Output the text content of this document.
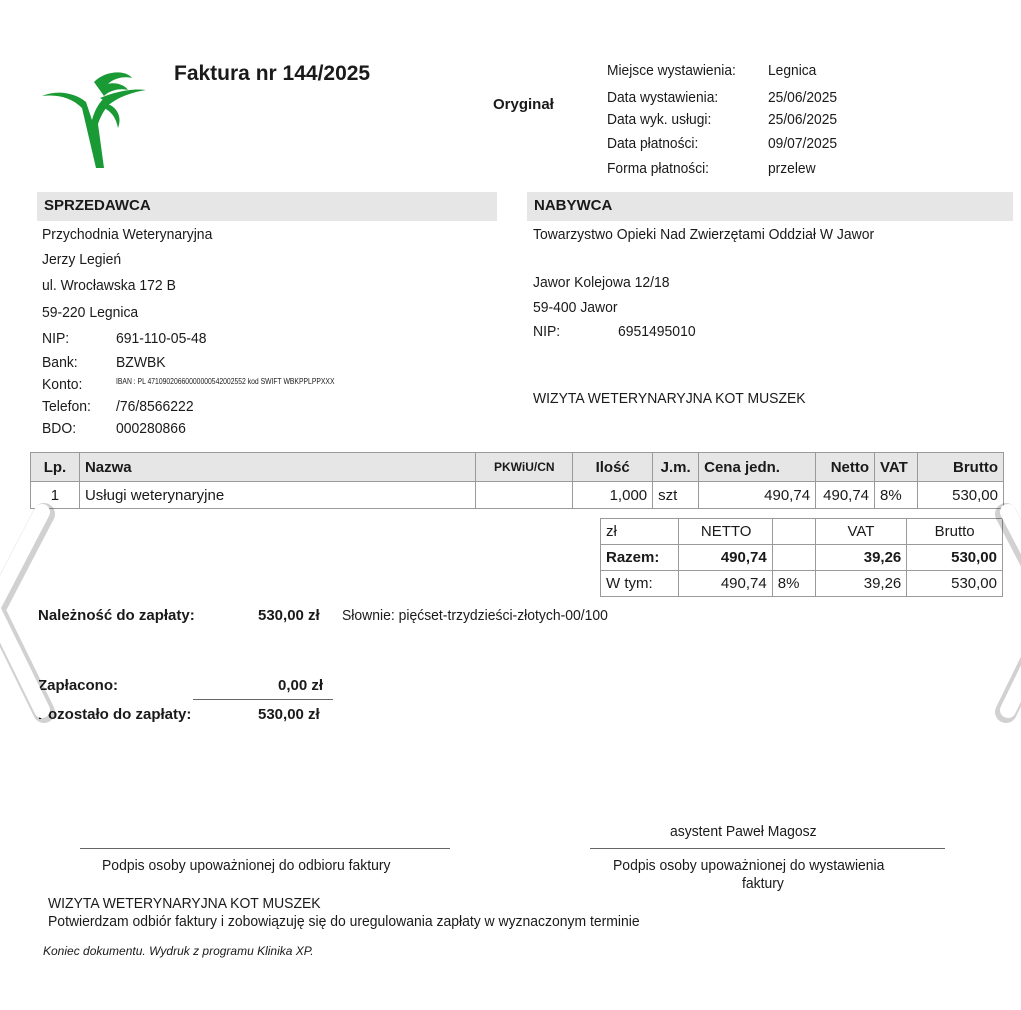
Faktura nr 144/2025
Oryginał
Miejsce wystawienia: Legnica
Data wystawienia:	25/06/2025
Data wyk. usługi:	25/06/2025
Data płatności:	09/07/2025
Forma płatności:	przelew
SPRZEDAWCA	NABYWCA
Przychodnia Weterynaryjna
Jerzy Legień
ul. Wrocławska 172 B
59-220 Legnica
NIP:	691-110-05-48
Bank:	BZWBK
Konto:	IBAN : PL 47109020660000000542002552 kod SWIFT WBKPPLPPXXX
Telefon: /76/8566222
BDO:	000280866
Towarzystwo Opieki Nad Zwierzętami Oddział W Jawor
Jawor Kolejowa 12/18
59-400 Jawor
NIP:	6951495010
WIZYTA WETERYNARYJNA KOT MUSZEK
Lp.	Nazwa	PKWiU/CN	Ilość	J.m.	Cena jedn.	Netto	VAT	Brutto
1	Usługi weterynaryjne		1,000	szt	490,74	490,74	8%	530,00
zł	NETTO		VAT	Brutto
Razem:	490,74		39,26	530,00
W tym:	490,74	8%	39,26	530,00
Należność do zapłaty:	530,00 zł Słownie: pięćset-trzydzieści-złotych-00/100
Zapłacono:	0,00 zł
Pozostało do zapłaty:	530,00 zł
asystent Paweł Magosz
Podpis osoby upoważnionej do odbioru faktury	Podpis osoby upoważnionej do wystawienia
faktury
WIZYTA WETERYNARYJNA KOT MUSZEK
Potwierdzam odbiór faktury i zobowiązuję się do uregulowania zapłaty w wyznaczonym terminie
Koniec dokumentu. Wydruk z programu Klinika XP.
